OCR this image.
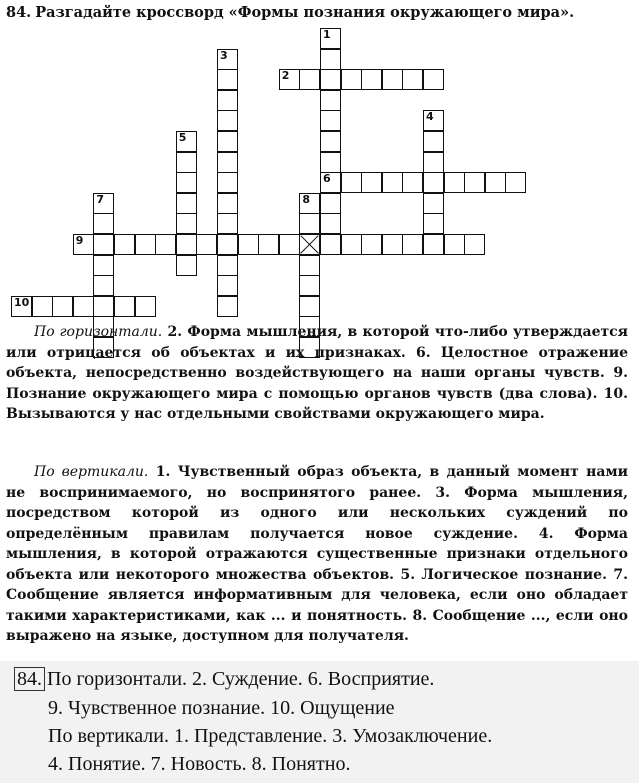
84. Разгадайте кроссворд «Формы познания окружающего мира».
1
6
2
3
4
5
7	8
9
10
По горизонтали. 2. Форма мышления, в которой что-либо утверждается или отрицается об объектах и их признаках. 6. Целостное отражение объекта, непосредственно воздействующего на наши органы чувств. 9. Познание окружающего мира с помощью органов чувств (два слова). 10. Вызываются у нас отдельными свойствами окружающего мира.
По вертикали. 1. Чувственный образ объекта, в данный момент нами не воспринимаемого, но воспринятого ранее. 3. Форма мышления, посредством которой из одного или нескольких суждений по определённым правилам получается новое суждение. 4. Форма мышления, в которой отражаются существенные признаки отдельного объекта или некоторого множества объектов. 5. Логическое познание. 7. Сообщение является информативным для человека, если оно обладает такими характеристиками, как ... и понятность. 8. Сообщение ..., если оно выражено на языке, доступном для получателя.
84. По горизонтали. 2. Суждение. 6. Восприятие.
9. Чувственное познание. 10. Ощущение
По вертикали. 1. Представление. 3. Умозаключение.
4. Понятие. 7. Новость. 8. Понятно.
